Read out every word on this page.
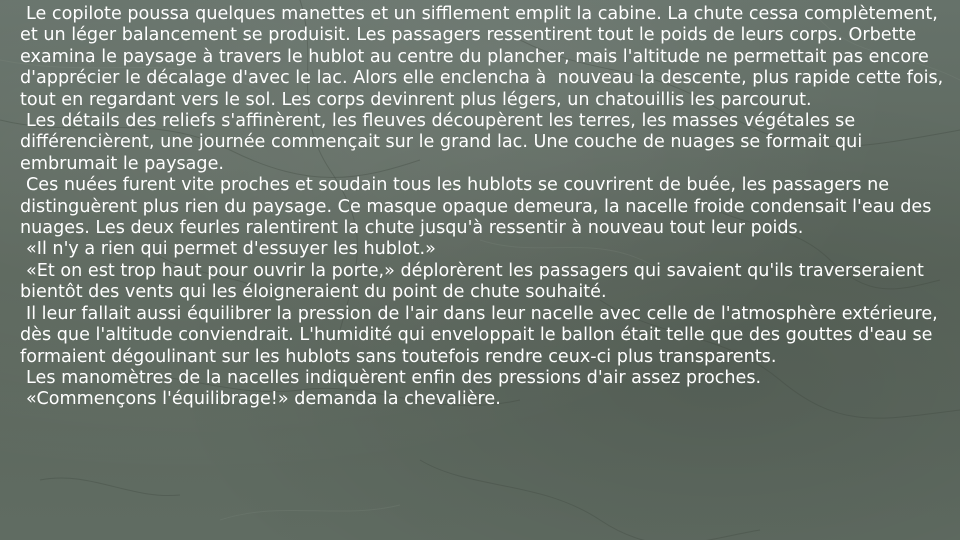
Le copilote poussa quelques manettes et un sifflement emplit la cabine. La chute cessa complètement, et un léger balancement se produisit. Les passagers ressentirent tout le poids de leurs corps. Orbette examina le paysage à travers le hublot au centre du plancher, mais l'altitude ne permettait pas encore d'apprécier le décalage d'avec le lac. Alors elle enclencha à  nouveau la descente, plus rapide cette fois, tout en regardant vers le sol. Les corps devinrent plus légers, un chatouillis les parcourut.

Les détails des reliefs s'affinèrent, les fleuves découpèrent les terres, les masses végétales se différencièrent, une journée commençait sur le grand lac. Une couche de nuages se formait qui embrumait le paysage.

Ces nuées furent vite proches et soudain tous les hublots se couvrirent de buée, les passagers ne distinguèrent plus rien du paysage. Ce masque opaque demeura, la nacelle froide condensait l'eau des nuages. Les deux feurles ralentirent la chute jusqu'à ressentir à nouveau tout leur poids.

«Il n'y a rien qui permet d'essuyer les hublot.»

«Et on est trop haut pour ouvrir la porte,» déplorèrent les passagers qui savaient qu'ils traverseraient bientôt des vents qui les éloigneraient du point de chute souhaité.

Il leur fallait aussi équilibrer la pression de l'air dans leur nacelle avec celle de l'atmosphère extérieure, dès que l'altitude conviendrait. L'humidité qui enveloppait le ballon était telle que des gouttes d'eau se formaient dégoulinant sur les hublots sans toutefois rendre ceux-ci plus transparents.

Les manomètres de la nacelles indiquèrent enfin des pressions d'air assez proches.

«Commençons l'équilibrage!» demanda la chevalière.
